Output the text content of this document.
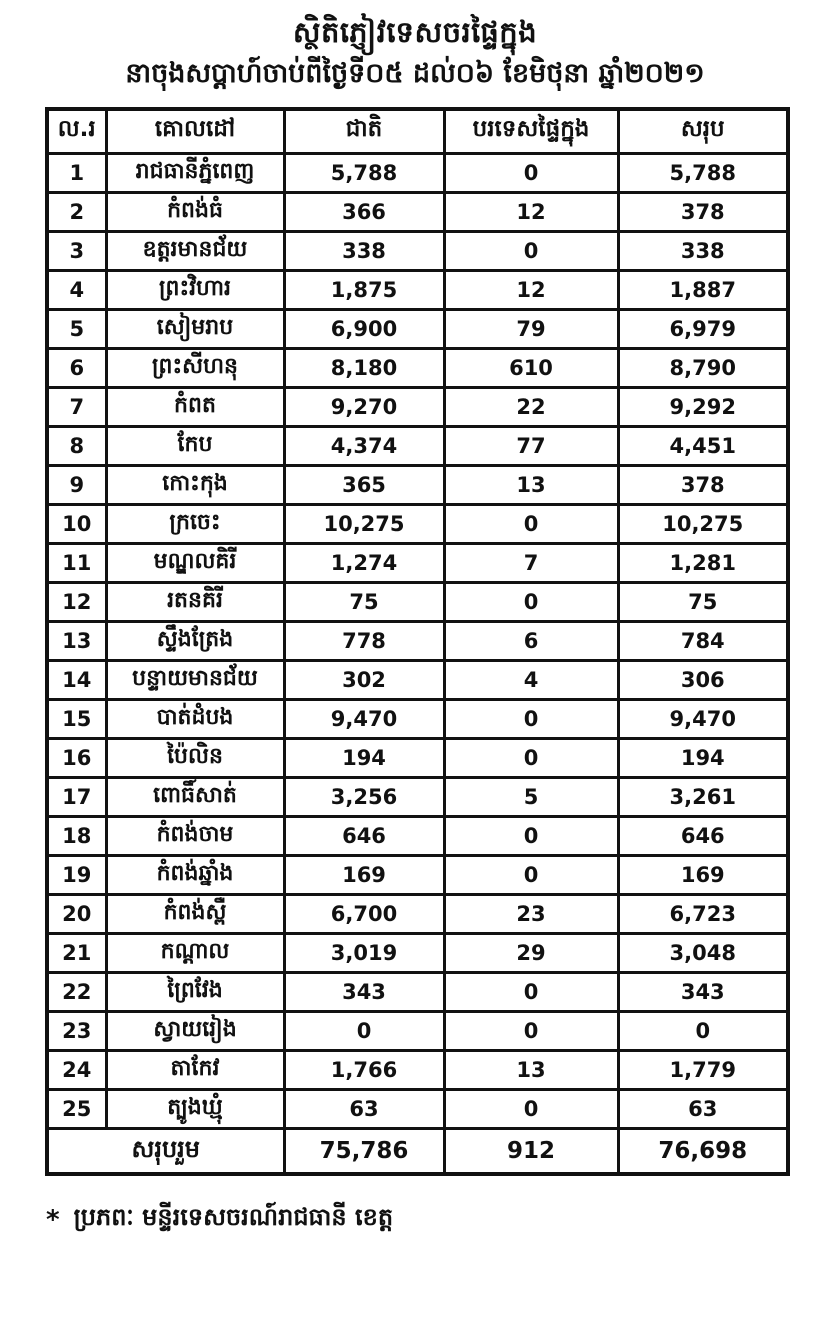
ស្ថិតិភ្ញៀវទេសចរផ្ទៃក្នុង
នាចុងសប្តាហ៍ចាប់ពីថ្ងៃទី០៥ ដល់០៦ ខែមិថុនា ឆ្នាំ២០២១
ល.រ	គោលដៅ	ជាតិ	បរទេសផ្ទៃក្នុង	សរុប
1	រាជធានីភ្នំពេញ	5,788	0	5,788
2	កំពង់ធំ	366	12	378
3	ឧត្តរមានជ័យ	338	0	338
4	ព្រះវិហារ	1,875	12	1,887
5	សៀមរាប	6,900	79	6,979
6	ព្រះសីហនុ	8,180	610	8,790
7	កំពត	9,270	22	9,292
8	កែប	4,374	77	4,451
9	កោះកុង	365	13	378
10	ក្រចេះ	10,275	0	10,275
11	មណ្ឌលគិរី	1,274	7	1,281
12	រតនគិរី	75	0	75
13	ស្ទឹងត្រែង	778	6	784
14	បន្ទាយមានជ័យ	302	4	306
15	បាត់ដំបង	9,470	0	9,470
16	ប៉ៃលិន	194	0	194
17	ពោធិ៍សាត់	3,256	5	3,261
18	កំពង់ចាម	646	0	646
19	កំពង់ឆ្នាំង	169	0	169
20	កំពង់ស្ពឺ	6,700	23	6,723
21	កណ្តាល	3,019	29	3,048
22	ព្រៃវែង	343	0	343
23	ស្វាយរៀង	0	0	0
24	តាកែវ	1,766	13	1,779
25	ត្បូងឃ្មុំ	63	0	63
សរុបរួម		75,786	912	76,698
* ប្រភពៈ មន្ទីរទេសចរណ៍រាជធានី ខេត្ត
